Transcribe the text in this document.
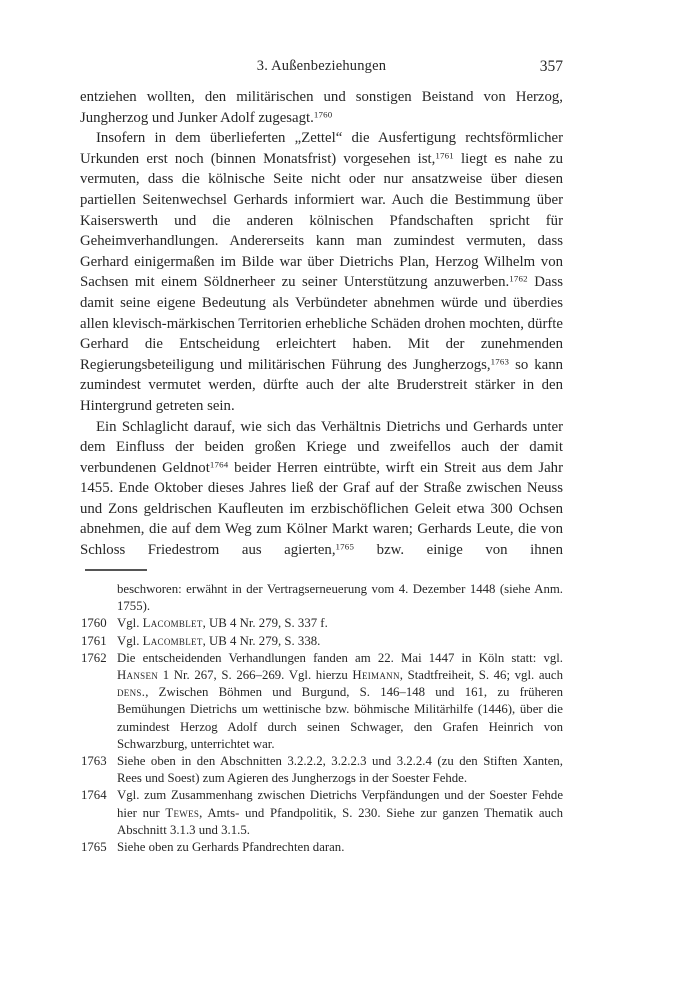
3. Außenbeziehungen	357

entziehen wollten, den militärischen und sonstigen Beistand von Herzog, Jungherzog und Junker Adolf zugesagt.$^{1760}$

Insofern in dem überlieferten „Zettel“ die Ausfertigung rechtsförmlicher Urkunden erst noch (binnen Monatsfrist) vorgesehen ist,$^{1761}$ liegt es nahe zu vermuten, dass die kölnische Seite nicht oder nur ansatzweise über diesen partiellen Seitenwechsel Gerhards informiert war. Auch die Bestimmung über Kaiserswerth und die anderen kölnischen Pfandschaften spricht für Geheimverhandlungen. Andererseits kann man zumindest vermuten, dass Gerhard einigermaßen im Bilde war über Dietrichs Plan, Herzog Wilhelm von Sachsen mit einem Söldnerheer zu seiner Unterstützung anzuwerben.$^{1762}$ Dass damit seine eigene Bedeutung als Verbündeter abnehmen würde und überdies allen klevisch-märkischen Territorien erhebliche Schäden drohen mochten, dürfte Gerhard die Entscheidung erleichtert haben. Mit der zunehmenden Regierungsbeteiligung und militärischen Führung des Jungherzogs,$^{1763}$ so kann zumindest vermutet werden, dürfte auch der alte Bruderstreit stärker in den Hintergrund getreten sein.

Ein Schlaglicht darauf, wie sich das Verhältnis Dietrichs und Gerhards unter dem Einfluss der beiden großen Kriege und zweifellos auch der damit verbundenen Geldnot$^{1764}$ beider Herren eintrübte, wirft ein Streit aus dem Jahr 1455. Ende Oktober dieses Jahres ließ der Graf auf der Straße zwischen Neuss und Zons geldrischen Kaufleuten im erzbischöflichen Geleit etwa 300 Ochsen abnehmen, die auf dem Weg zum Kölner Markt waren; Gerhards Leute, die von Schloss Friedestrom aus agierten,$^{1765}$ bzw. einige von ihnen

beschworen: erwähnt in der Vertragserneuerung vom 4. Dezember 1448 (siehe Anm. 1755).
1760 Vgl. Lacomblet, UB 4 Nr. 279, S. 337 f.
1761 Vgl. Lacomblet, UB 4 Nr. 279, S. 338.
1762 Die entscheidenden Verhandlungen fanden am 22. Mai 1447 in Köln statt: vgl. Hansen 1 Nr. 267, S. 266–269. Vgl. hierzu Heimann, Stadtfreiheit, S. 46; vgl. auch dens., Zwischen Böhmen und Burgund, S. 146–148 und 161, zu früheren Bemühungen Dietrichs um wettinische bzw. böhmische Militärhilfe (1446), über die zumindest Herzog Adolf durch seinen Schwager, den Grafen Heinrich von Schwarzburg, unterrichtet war.
1763 Siehe oben in den Abschnitten 3.2.2.2, 3.2.2.3 und 3.2.2.4 (zu den Stiften Xanten, Rees und Soest) zum Agieren des Jungherzogs in der Soester Fehde.
1764 Vgl. zum Zusammenhang zwischen Dietrichs Verpfändungen und der Soester Fehde hier nur Tewes, Amts- und Pfandpolitik, S. 230. Siehe zur ganzen Thematik auch Abschnitt 3.1.3 und 3.1.5.
1765 Siehe oben zu Gerhards Pfandrechten daran.
